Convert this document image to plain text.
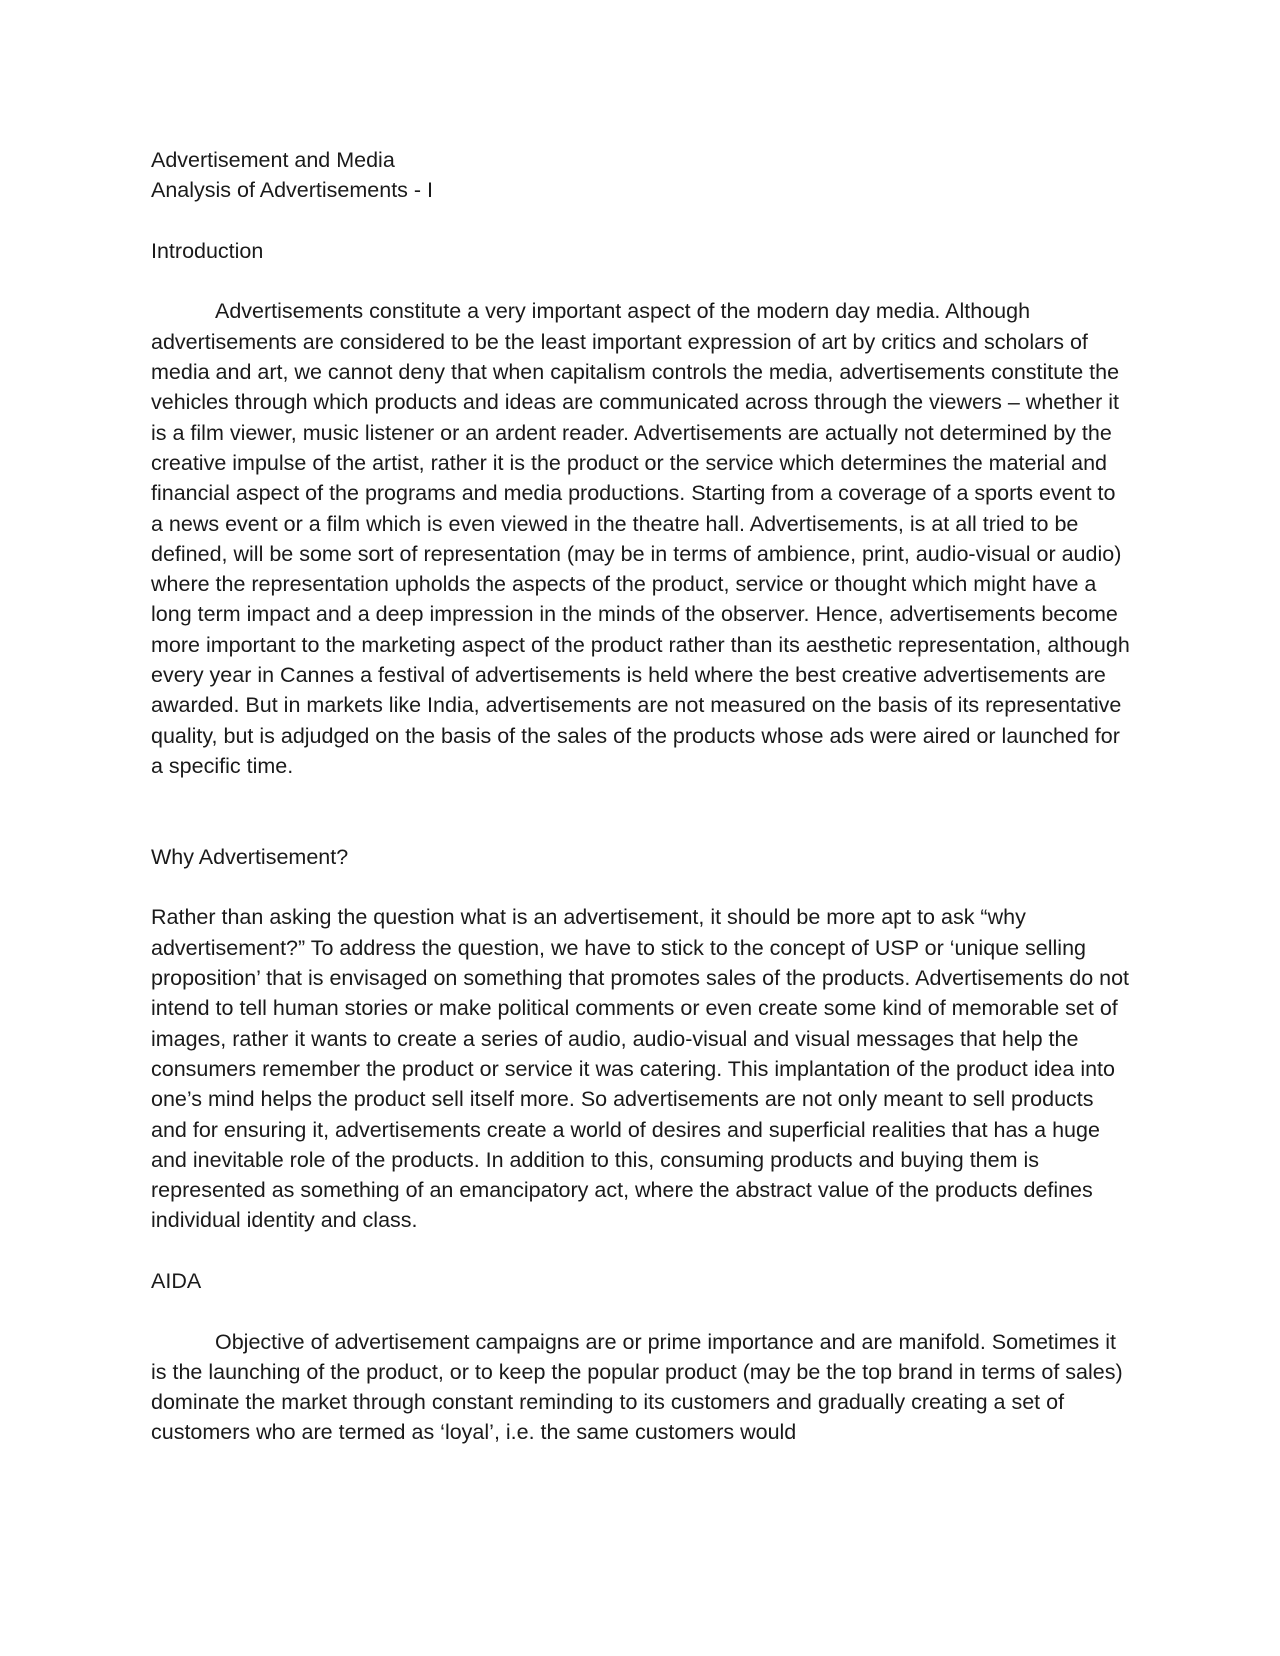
Advertisement and Media

Analysis of Advertisements - I

Introduction

Advertisements constitute a very important aspect of the modern day media. Although advertisements are considered to be the least important expression of art by critics and scholars of media and art, we cannot deny that when capitalism controls the media, advertisements constitute the vehicles through which products and ideas are communicated across through the viewers – whether it is a film viewer, music listener or an ardent reader. Advertisements are actually not determined by the creative impulse of the artist, rather it is the product or the service which determines the material and financial aspect of the programs and media productions. Starting from a coverage of a sports event to a news event or a film which is even viewed in the theatre hall. Advertisements, is at all tried to be defined, will be some sort of representation (may be in terms of ambience, print, audio-visual or audio) where the representation upholds the aspects of the product, service or thought which might have a long term impact and a deep impression in the minds of the observer. Hence, advertisements become more important to the marketing aspect of the product rather than its aesthetic representation, although every year in Cannes a festival of advertisements is held where the best creative advertisements are awarded. But in markets like India, advertisements are not measured on the basis of its representative quality, but is adjudged on the basis of the sales of the products whose ads were aired or launched for a specific time.

Why Advertisement?

Rather than asking the question what is an advertisement, it should be more apt to ask “why advertisement?” To address the question, we have to stick to the concept of USP or ‘unique selling proposition’ that is envisaged on something that promotes sales of the products. Advertisements do not intend to tell human stories or make political comments or even create some kind of memorable set of images, rather it wants to create a series of audio, audio-visual and visual messages that help the consumers remember the product or service it was catering. This implantation of the product idea into one’s mind helps the product sell itself more. So advertisements are not only meant to sell products and for ensuring it, advertisements create a world of desires and superficial realities that has a huge and inevitable role of the products. In addition to this, consuming products and buying them is represented as something of an emancipatory act, where the abstract value of the products defines individual identity and class.

AIDA

Objective of advertisement campaigns are or prime importance and are manifold. Sometimes it is the launching of the product, or to keep the popular product (may be the top brand in terms of sales) dominate the market through constant reminding to its customers and gradually creating a set of customers who are termed as ‘loyal’, i.e. the same customers would
